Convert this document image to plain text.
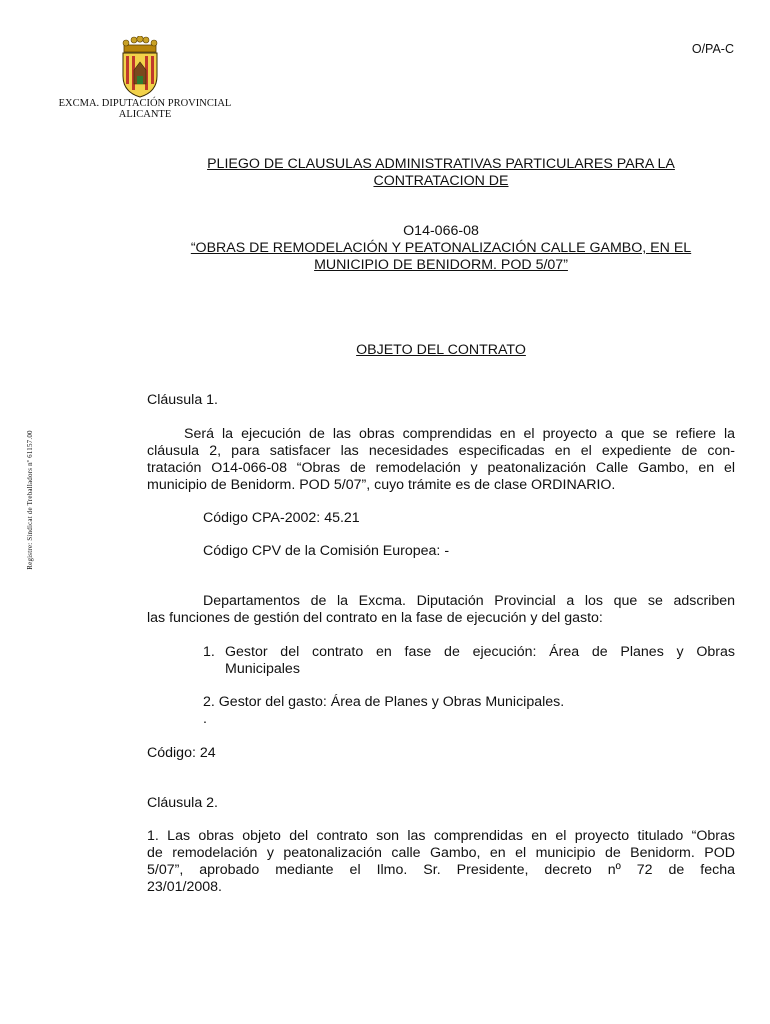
EXCMA. DIPUTACIÓN PROVINCIAL
ALICANTE
O/PA-C
Registre: Sindicat de Treballadors nº 61157.00
PLIEGO DE CLAUSULAS ADMINISTRATIVAS PARTICULARES PARA LA
CONTRATACION DE
O14-066-08
“OBRAS DE REMODELACIÓN Y PEATONALIZACIÓN CALLE GAMBO, EN EL
MUNICIPIO DE BENIDORM. POD 5/07”
OBJETO DEL CONTRATO
Cláusula 1.
Será la ejecución de las obras comprendidas en el proyecto a que se refiere la
cláusula 2, para satisfacer las necesidades especificadas en el expediente de con-
tratación O14-066-08 “Obras de remodelación y peatonalización Calle Gambo, en el
municipio de Benidorm. POD 5/07”, cuyo trámite es de clase ORDINARIO.
Código CPA-2002: 45.21
Código CPV de la Comisión Europea: -
Departamentos de la Excma. Diputación Provincial a los que se adscriben
las funciones de gestión del contrato en la fase de ejecución y del gasto:
1. Gestor del contrato en fase de ejecución: Área de Planes y Obras
Municipales
2. Gestor del gasto: Área de Planes y Obras Municipales.
.
Código: 24
Cláusula 2.
1. Las obras objeto del contrato son las comprendidas en el proyecto titulado “Obras
de remodelación y peatonalización calle Gambo, en el municipio de Benidorm. POD
5/07”, aprobado mediante el Ilmo. Sr. Presidente, decreto nº 72 de fecha
23/01/2008.
